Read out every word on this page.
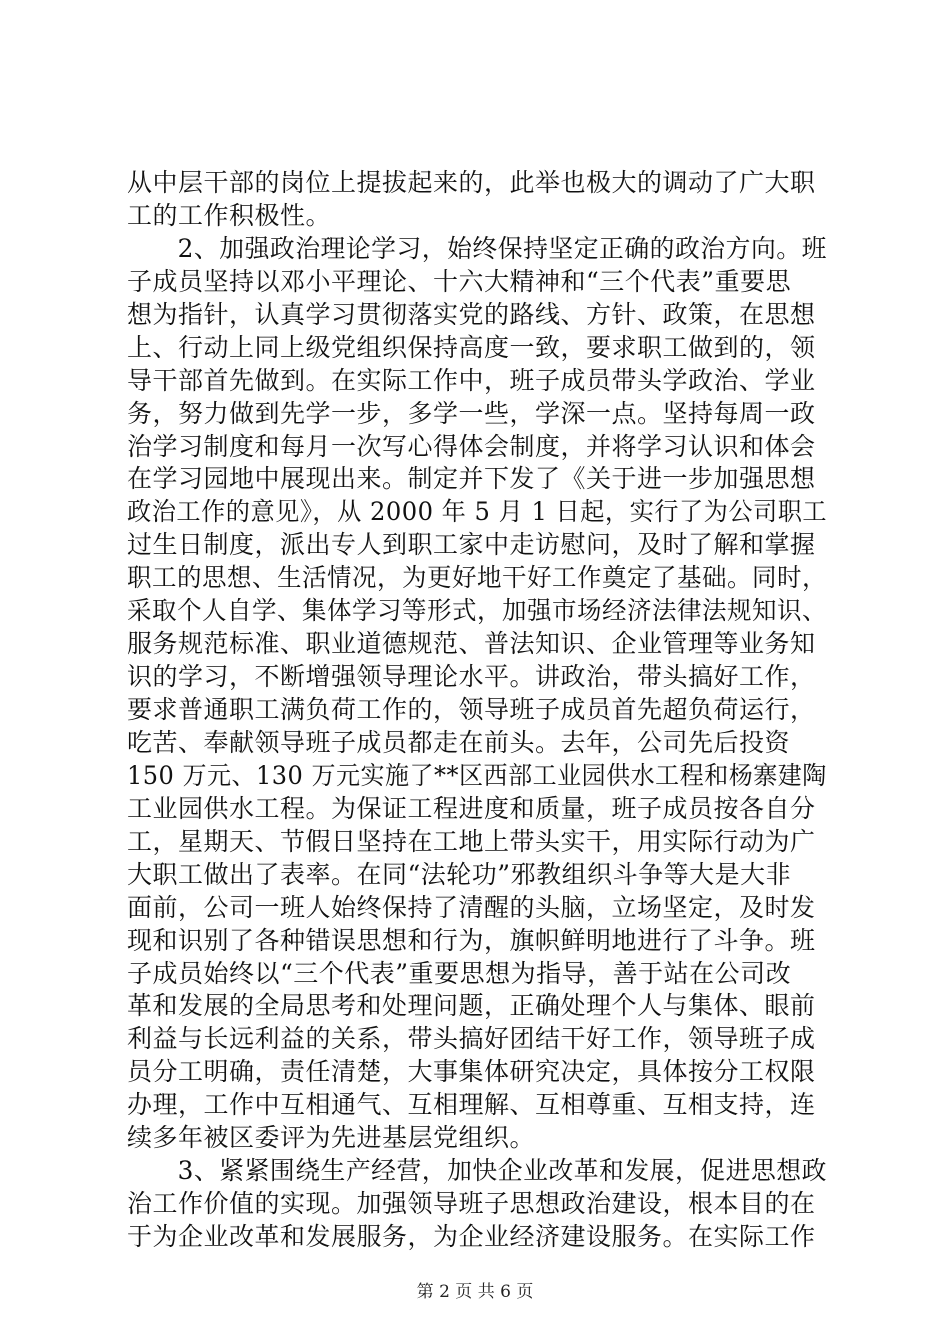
从中层干部的岗位上提拔起来的，此举也极大的调动了广大职
工的工作积极性。
　　2、加强政治理论学习，始终保持坚定正确的政治方向。班
子成员坚持以邓小平理论、十六大精神和“三个代表”重要思
想为指针，认真学习贯彻落实党的路线、方针、政策，在思想
上、行动上同上级党组织保持高度一致，要求职工做到的，领
导干部首先做到。在实际工作中，班子成员带头学政治、学业
务，努力做到先学一步，多学一些，学深一点。坚持每周一政
治学习制度和每月一次写心得体会制度，并将学习认识和体会
在学习园地中展现出来。制定并下发了《关于进一步加强思想
政治工作的意见》，从 2000 年 5 月 1 日起，实行了为公司职工
过生日制度，派出专人到职工家中走访慰问，及时了解和掌握
职工的思想、生活情况，为更好地干好工作奠定了基础。同时，
采取个人自学、集体学习等形式，加强市场经济法律法规知识、
服务规范标准、职业道德规范、普法知识、企业管理等业务知
识的学习，不断增强领导理论水平。讲政治，带头搞好工作，
要求普通职工满负荷工作的，领导班子成员首先超负荷运行，
吃苦、奉献领导班子成员都走在前头。去年，公司先后投资
150 万元、130 万元实施了**区西部工业园供水工程和杨寨建陶
工业园供水工程。为保证工程进度和质量，班子成员按各自分
工，星期天、节假日坚持在工地上带头实干，用实际行动为广
大职工做出了表率。在同“法轮功”邪教组织斗争等大是大非
面前，公司一班人始终保持了清醒的头脑，立场坚定，及时发
现和识别了各种错误思想和行为，旗帜鲜明地进行了斗争。班
子成员始终以“三个代表”重要思想为指导，善于站在公司改
革和发展的全局思考和处理问题，正确处理个人与集体、眼前
利益与长远利益的关系，带头搞好团结干好工作，领导班子成
员分工明确，责任清楚，大事集体研究决定，具体按分工权限
办理，工作中互相通气、互相理解、互相尊重、互相支持，连
续多年被区委评为先进基层党组织。
　　3、紧紧围绕生产经营，加快企业改革和发展，促进思想政
治工作价值的实现。加强领导班子思想政治建设，根本目的在
于为企业改革和发展服务，为企业经济建设服务。在实际工作
第 2 页 共 6 页
